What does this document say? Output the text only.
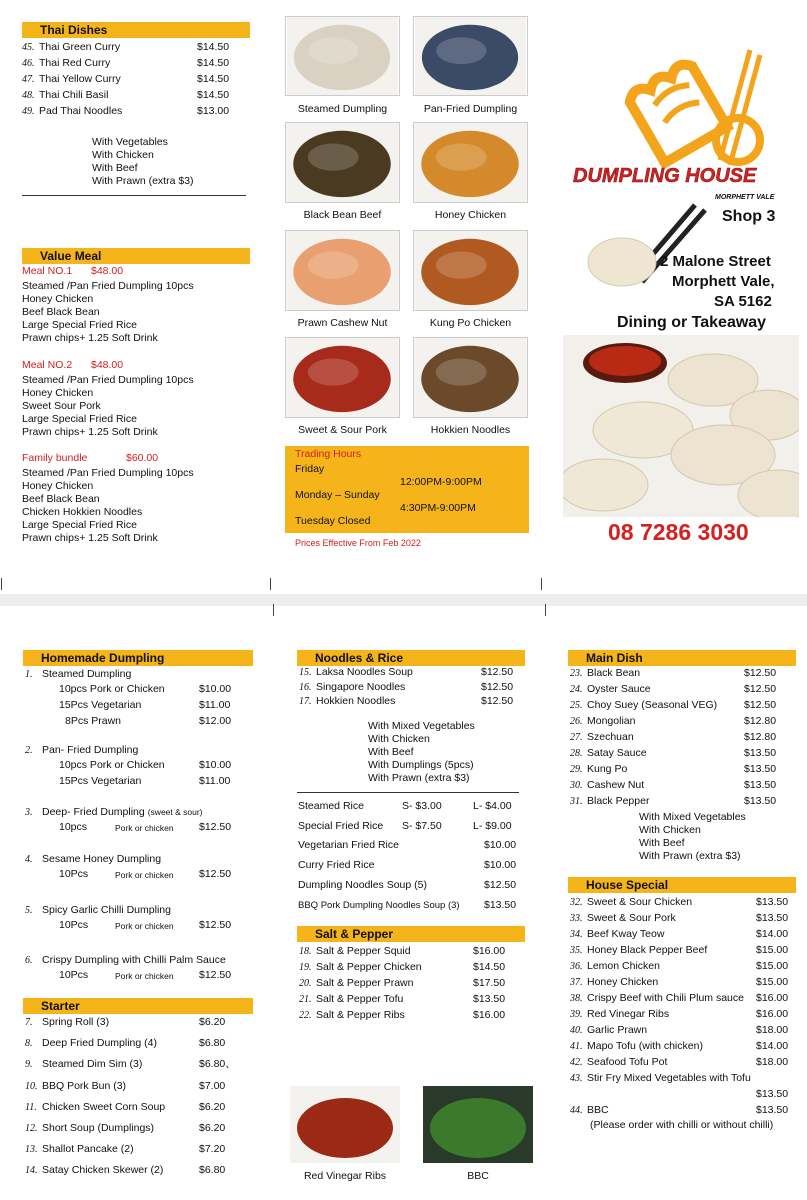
Thai Dishes
45. Thai Green Curry	$14.50
46. Thai Red Curry	$14.50
47. Thai Yellow Curry	$14.50
48. Thai Chili Basil	$14.50
49. Pad Thai Noodles	$13.00
With Vegetables
With Chicken
With Beef
With Prawn (extra $3)
Value Meal
Meal NO.1 $48.00
Steamed /Pan Fried Dumpling 10pcs
Honey Chicken
Beef Black Bean
Large Special Fried Rice
Prawn chips+ 1.25 Soft Drink
Meal NO.2 $48.00
Steamed /Pan Fried Dumpling 10pcs
Honey Chicken
Sweet Sour Pork
Large Special Fried Rice
Prawn chips+ 1.25 Soft Drink
Family bundle	$60.00
Steamed /Pan Fried Dumpling 10pcs
Honey Chicken
Beef Black Bean
Chicken Hokkien Noodles
Large Special Fried Rice
Prawn chips+ 1.25 Soft Drink
Steamed Dumpling	Pan-Fried Dumpling
Black Bean Beef	Honey Chicken
Prawn Cashew Nut	Kung Po Chicken
Sweet & Sour Pork	Hokkien Noodles
Trading Hours
Friday
12:00PM-9:00PM
Monday – Sunday
4:30PM-9:00PM
Tuesday Closed
Prices Effective From Feb 2022
DUMPLING HOUSE
MORPHETT VALE
Shop 3
2 Malone Street
Morphett Vale,
SA 5162
Dining or Takeaway
08 7286 3030
Homemade Dumpling
1. Steamed Dumpling
10pcs Pork or Chicken	$10.00
15Pcs Vegetarian	$11.00
8Pcs Prawn	$12.00
2. Pan- Fried Dumpling
10pcs Pork or Chicken	$10.00
15Pcs Vegetarian	$11.00
3. Deep- Fried Dumpling (sweet & sour)
10pcs	Pork or chicken $12.50
4. Sesame Honey Dumpling
10Pcs	Pork or chicken $12.50
5. Spicy Garlic Chilli Dumpling
10Pcs	Pork or chicken $12.50
6. Crispy Dumpling with Chilli Palm Sauce
10Pcs	Pork or chicken $12.50
Starter
7. Spring Roll (3)	$6.20
8. Deep Fried Dumpling (4)	$6.80
9. Steamed Dim Sim (3)	$6.80、
10. BBQ Pork Bun (3)	$7.00
11. Chicken Sweet Corn Soup	$6.20
12. Short Soup (Dumplings)	$6.20
13. Shallot Pancake (2)	$7.20
14. Satay Chicken Skewer (2)	$6.80
Noodles & Rice
15. Laksa Noodles Soup	$12.50
16. Singapore Noodles	$12.50
17. Hokkien Noodles	$12.50
With Mixed Vegetables
With Chicken
With Beef
With Dumplings (5pcs)
With Prawn (extra $3)
Steamed Rice	S- $3.00	L- $4.00
Special Fried Rice S- $7.50	L- $9.00
Vegetarian Fried Rice	$10.00
Curry Fried Rice	$10.00
Dumpling Noodles Soup (5)	$12.50
BBQ Pork Dumpling Noodles Soup (3) $13.50
Salt & Pepper
18. Salt & Pepper Squid	$16.00
19. Salt & Pepper Chicken	$14.50
20. Salt & Pepper Prawn	$17.50
21. Salt & Pepper Tofu	$13.50
22. Salt & Pepper Ribs	$16.00
Red Vinegar Ribs	BBC
Main Dish
23. Black Bean	$12.50
24. Oyster Sauce	$12.50
25. Choy Suey (Seasonal VEG)	$12.50
26. Mongolian	$12.80
27. Szechuan	$12.80
28. Satay Sauce	$13.50
29. Kung Po	$13.50
30. Cashew Nut	$13.50
31. Black Pepper	$13.50
With Mixed Vegetables
With Chicken
With Beef
With Prawn (extra $3)
House Special
32. Sweet & Sour Chicken	$13.50
33. Sweet & Sour Pork	$13.50
34. Beef Kway Teow	$14.00
35. Honey Black Pepper Beef	$15.00
36. Lemon Chicken	$15.00
37. Honey Chicken	$15.00
38. Crispy Beef with Chili Plum sauce $16.00
39. Red Vinegar Ribs	$16.00
40. Garlic Prawn	$18.00
41. Mapo Tofu (with chicken)	$14.00
42. Seafood Tofu Pot	$18.00
43. Stir Fry Mixed Vegetables with Tofu
$13.50
44. BBC	$13.50
(Please order with chilli or without chilli)
